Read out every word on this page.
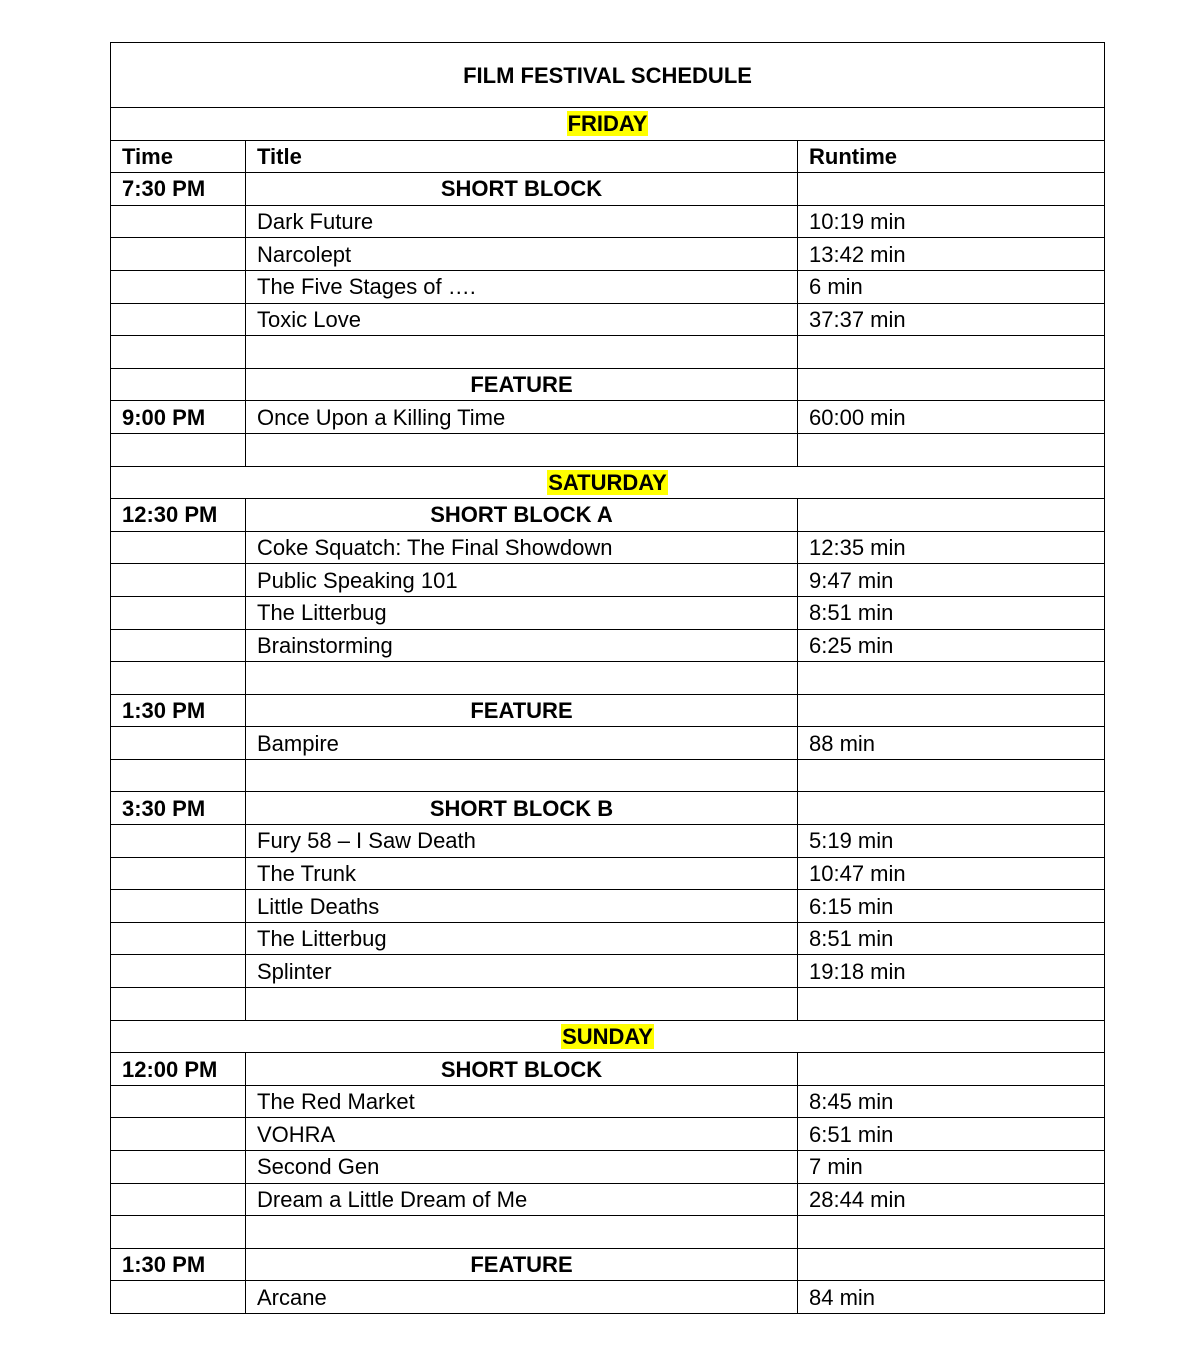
FILM FESTIVAL SCHEDULE		
FRIDAY		
Time	Title	Runtime
7:30 PM	SHORT BLOCK	
	Dark Future	10:19 min
	Narcolept	13:42 min
	The Five Stages of ….	6 min
	Toxic Love	37:37 min

	FEATURE	
9:00 PM	Once Upon a Killing Time	60:00 min

SATURDAY		
12:30 PM	SHORT BLOCK A	
	Coke Squatch: The Final Showdown	12:35 min
	Public Speaking 101	9:47 min
	The Litterbug	8:51 min
	Brainstorming	6:25 min

1:30 PM	FEATURE	
	Bampire	88 min

3:30 PM	SHORT BLOCK B	
	Fury 58 – I Saw Death	5:19 min
	The Trunk	10:47 min
	Little Deaths	6:15 min
	The Litterbug	8:51 min
	Splinter	19:18 min

SUNDAY		
12:00 PM	SHORT BLOCK	
	The Red Market	8:45 min
	VOHRA	6:51 min
	Second Gen	7 min
	Dream a Little Dream of Me	28:44 min

1:30 PM	FEATURE	
	Arcane	84 min
